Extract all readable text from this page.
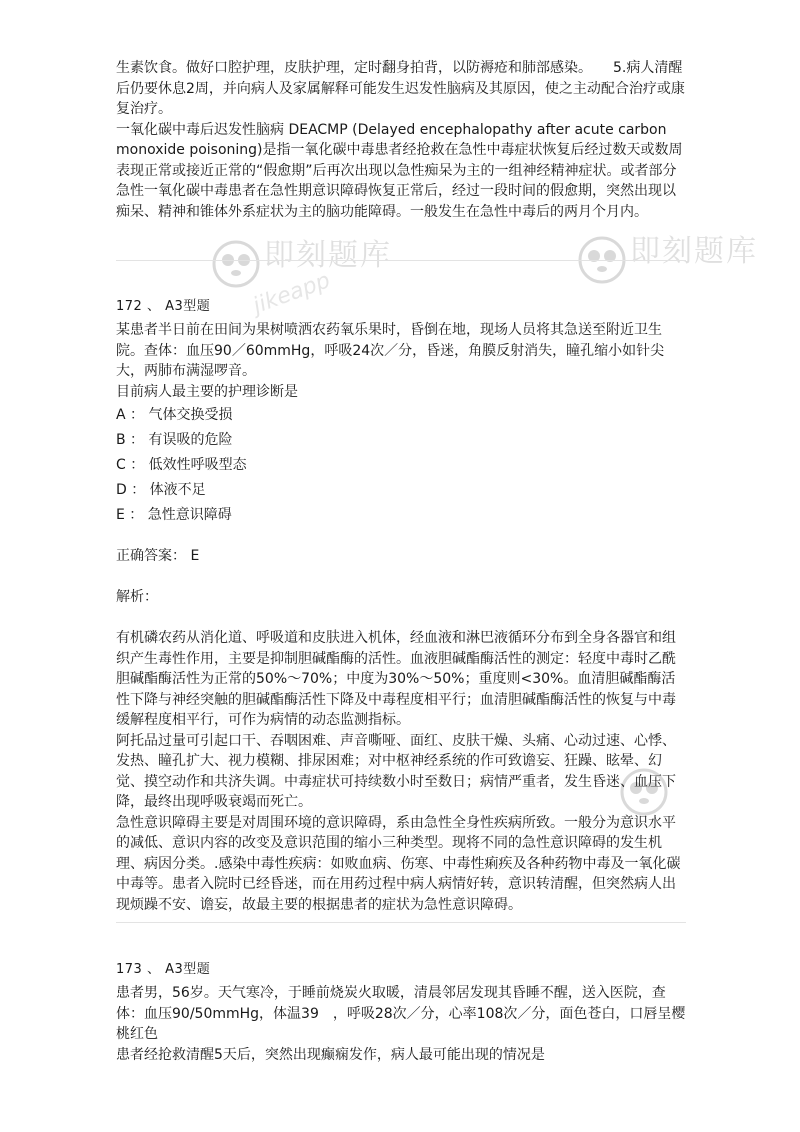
即刻题库
jikeapp
即刻题库

生素饮食。做好口腔护理，皮肤护理，定时翻身拍背，以防褥疮和肺部感染。　　5.病人清醒后仍要休息2周，并向病人及家属解释可能发生迟发性脑病及其原因，使之主动配合治疗或康复治疗。

一氧化碳中毒后迟发性脑病 DEACMP (Delayed encephalopathy after acute carbon monoxide poisoning)是指一氧化碳中毒患者经抢救在急性中毒症状恢复后经过数天或数周表现正常或接近正常的“假愈期”后再次出现以急性痴呆为主的一组神经精神症状。或者部分急性一氧化碳中毒患者在急性期意识障碍恢复正常后，经过一段时间的假愈期，突然出现以痴呆、精神和锥体外系症状为主的脑功能障碍。一般发生在急性中毒后的两月个月内。

172 、 A3型题

某患者半日前在田间为果树喷洒农药氧乐果时，昏倒在地，现场人员将其急送至附近卫生院。查体：血压90／60mmHg，呼吸24次／分，昏迷，角膜反射消失，瞳孔缩小如针尖大，两肺布满湿啰音。

目前病人最主要的护理诊断是

A ： 气体交换受损
B ： 有误吸的危险
C ： 低效性呼吸型态
D ： 体液不足
E ： 急性意识障碍
正确答案： E
解析：

有机磷农药从消化道、呼吸道和皮肤进入机体，经血液和淋巴液循环分布到全身各器官和组织产生毒性作用，主要是抑制胆碱酯酶的活性。血液胆碱酯酶活性的测定：轻度中毒时乙酰胆碱酯酶活性为正常的50%～70%；中度为30%～50%；重度则<30%。血清胆碱酯酶活性下降与神经突触的胆碱酯酶活性下降及中毒程度相平行；血清胆碱酯酶活性的恢复与中毒缓解程度相平行，可作为病情的动态监测指标。

阿托品过量可引起口干、吞咽困难、声音嘶哑、面红、皮肤干燥、头痛、心动过速、心悸、发热、瞳孔扩大、视力模糊、排尿困难；对中枢神经系统的作可致谵妄、狂躁、眩晕、幻觉、摸空动作和共济失调。中毒症状可持续数小时至数日；病情严重者，发生昏迷、血压下降，最终出现呼吸衰竭而死亡。

急性意识障碍主要是对周围环境的意识障碍，系由急性全身性疾病所致。一般分为意识水平的减低、意识内容的改变及意识范围的缩小三种类型。现将不同的急性意识障碍的发生机理、病因分类。.感染中毒性疾病：如败血病、伤寒、中毒性痢疾及各种药物中毒及一氧化碳中毒等。患者入院时已经昏迷，而在用药过程中病人病情好转，意识转清醒，但突然病人出现烦躁不安、谵妄，故最主要的根据患者的症状为急性意识障碍。

173 、 A3型题

患者男，56岁。天气寒冷，于睡前烧炭火取暖，清晨邻居发现其昏睡不醒，送入医院，查体：血压90/50mmHg，体温39　，呼吸28次／分，心率108次／分，面色苍白，口唇呈樱桃红色

患者经抢救清醒5天后，突然出现癫痫发作，病人最可能出现的情况是
